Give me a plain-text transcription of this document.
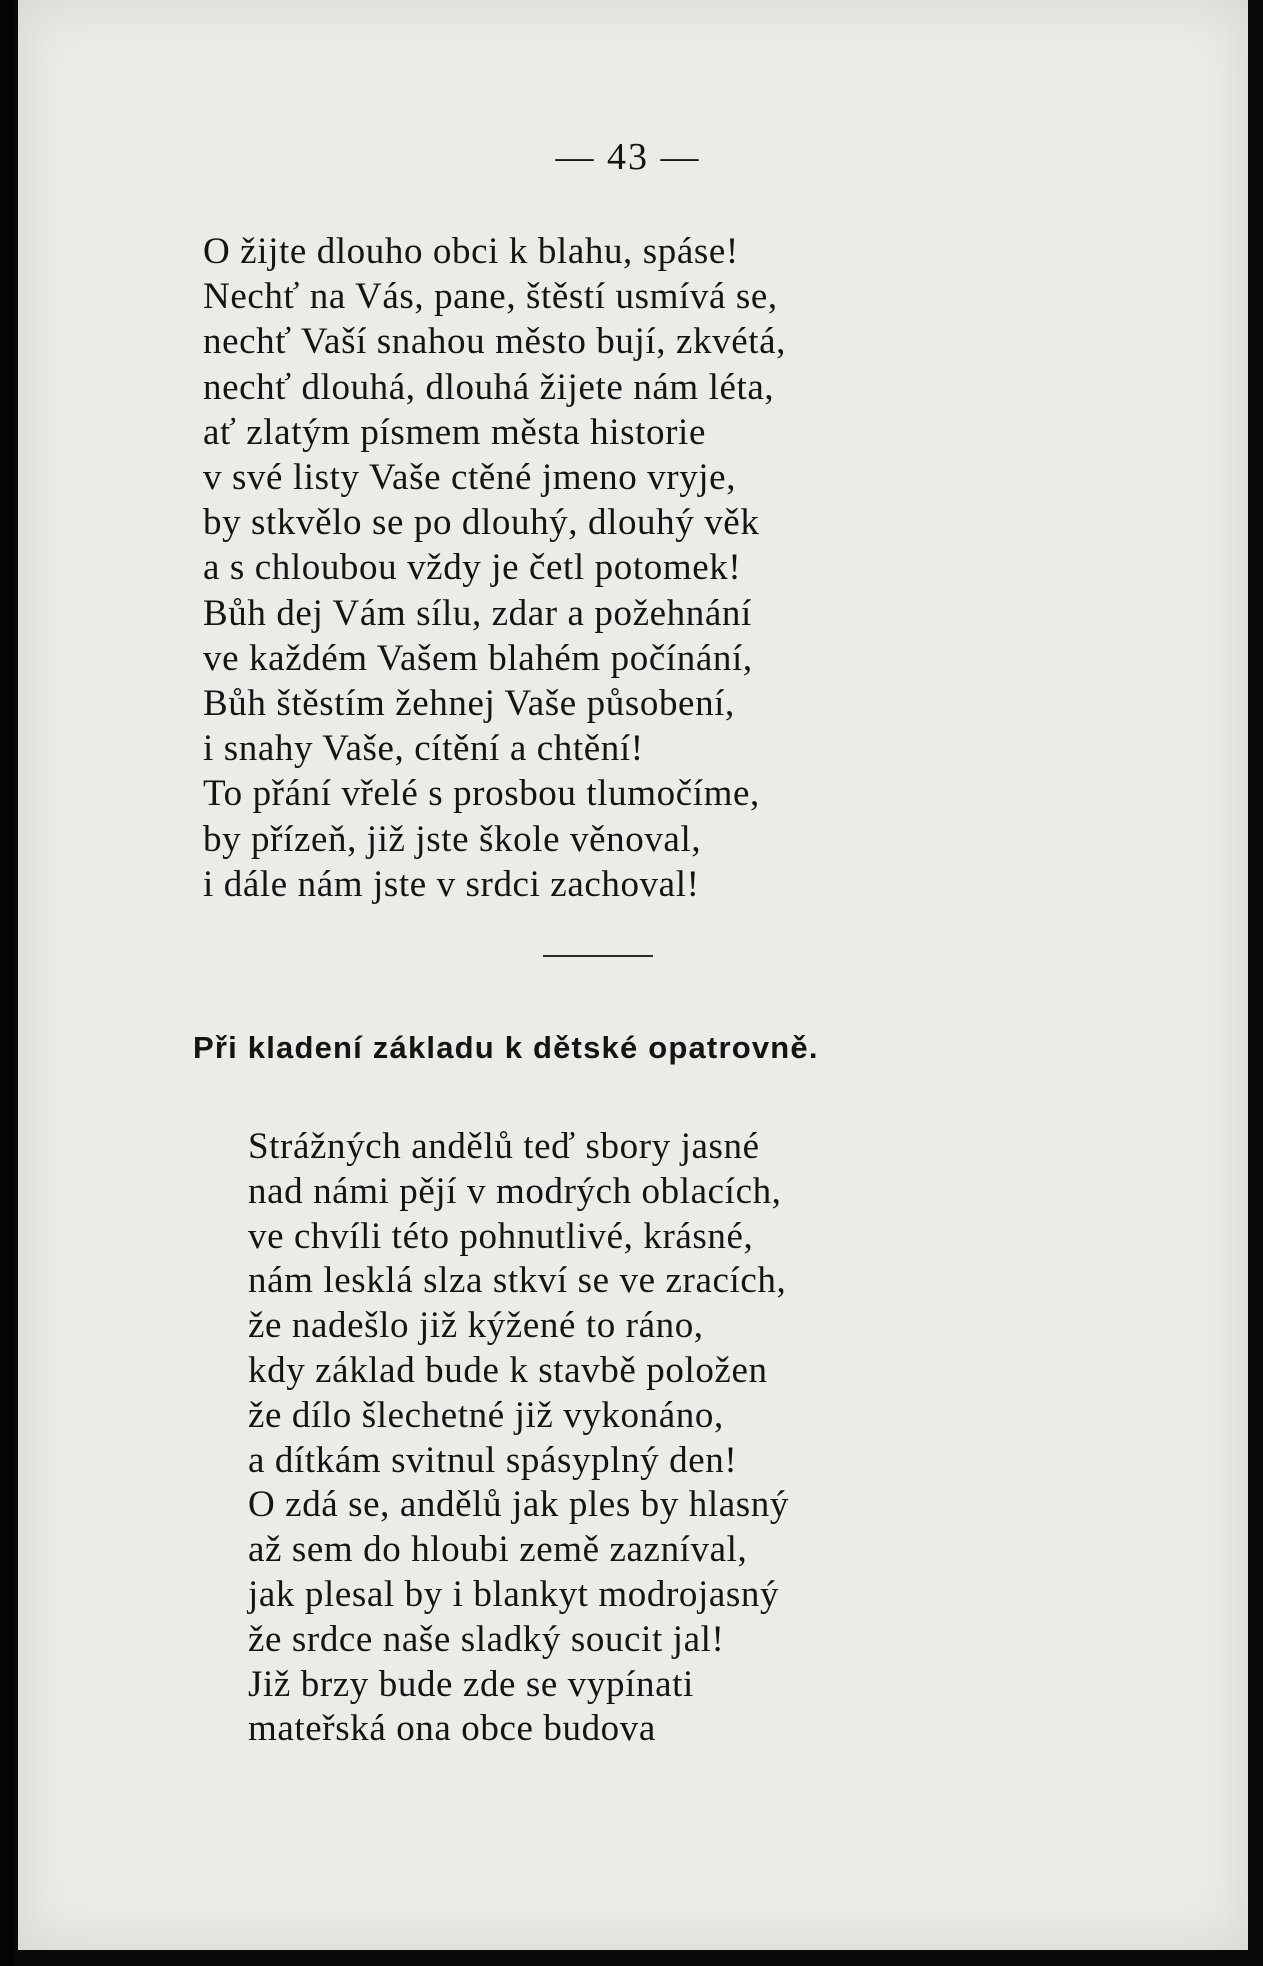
— 43 —
O žijte dlouho obci k blahu, spáse!
Nechť na Vás, pane, štěstí usmívá se,
nechť Vaší snahou město bují, zkvétá,
nechť dlouhá, dlouhá žijete nám léta,
ať zlatým písmem města historie
v své listy Vaše ctěné jmeno vryje,
by stkvělo se po dlouhý, dlouhý věk
a s chloubou vždy je četl potomek!
Bůh dej Vám sílu, zdar a požehnání
ve každém Vašem blahém počínání,
Bůh štěstím žehnej Vaše působení,
i snahy Vaše, cítění a chtění!
To přání vřelé s prosbou tlumočíme,
by přízeň, již jste škole věnoval,
i dále nám jste v srdci zachoval!
Při kladení základu k dětské opatrovně.
Strážných andělů teď sbory jasné
nad námi pějí v modrých oblacích,
ve chvíli této pohnutlivé, krásné,
nám lesklá slza stkví se ve zracích,
že nadešlo již kýžené to ráno,
kdy základ bude k stavbě položen
že dílo šlechetné již vykonáno,
a dítkám svitnul spásyplný den!
O zdá se, andělů jak ples by hlasný
až sem do hloubi země zazníval,
jak plesal by i blankyt modrojasný
že srdce naše sladký soucit jal!
Již brzy bude zde se vypínati
mateřská ona obce budova
